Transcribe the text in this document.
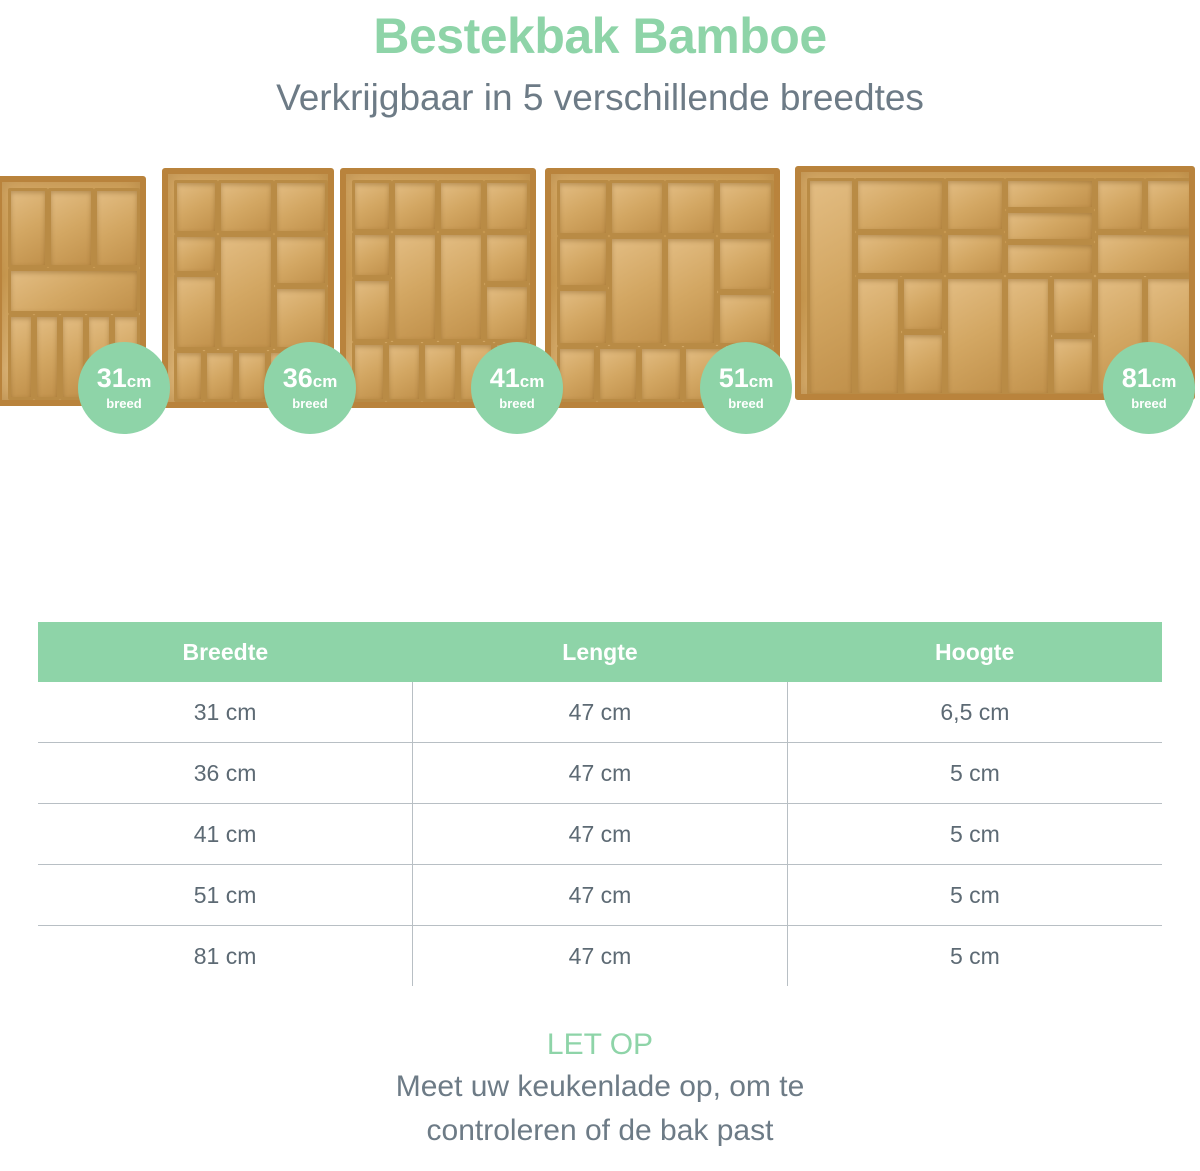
Bestekbak Bamboe
Verkrijgbaar in 5 verschillende breedtes
31cm
breed
36cm
breed
41cm
breed
51cm
breed
81cm
breed
Breedte	Lengte	Hoogte
31 cm	47 cm	6,5 cm
36 cm	47 cm	5 cm
41 cm	47 cm	5 cm
51 cm	47 cm	5 cm
81 cm	47 cm	5 cm

LET OP

Meet uw keukenlade op, om te

controleren of de bak past
